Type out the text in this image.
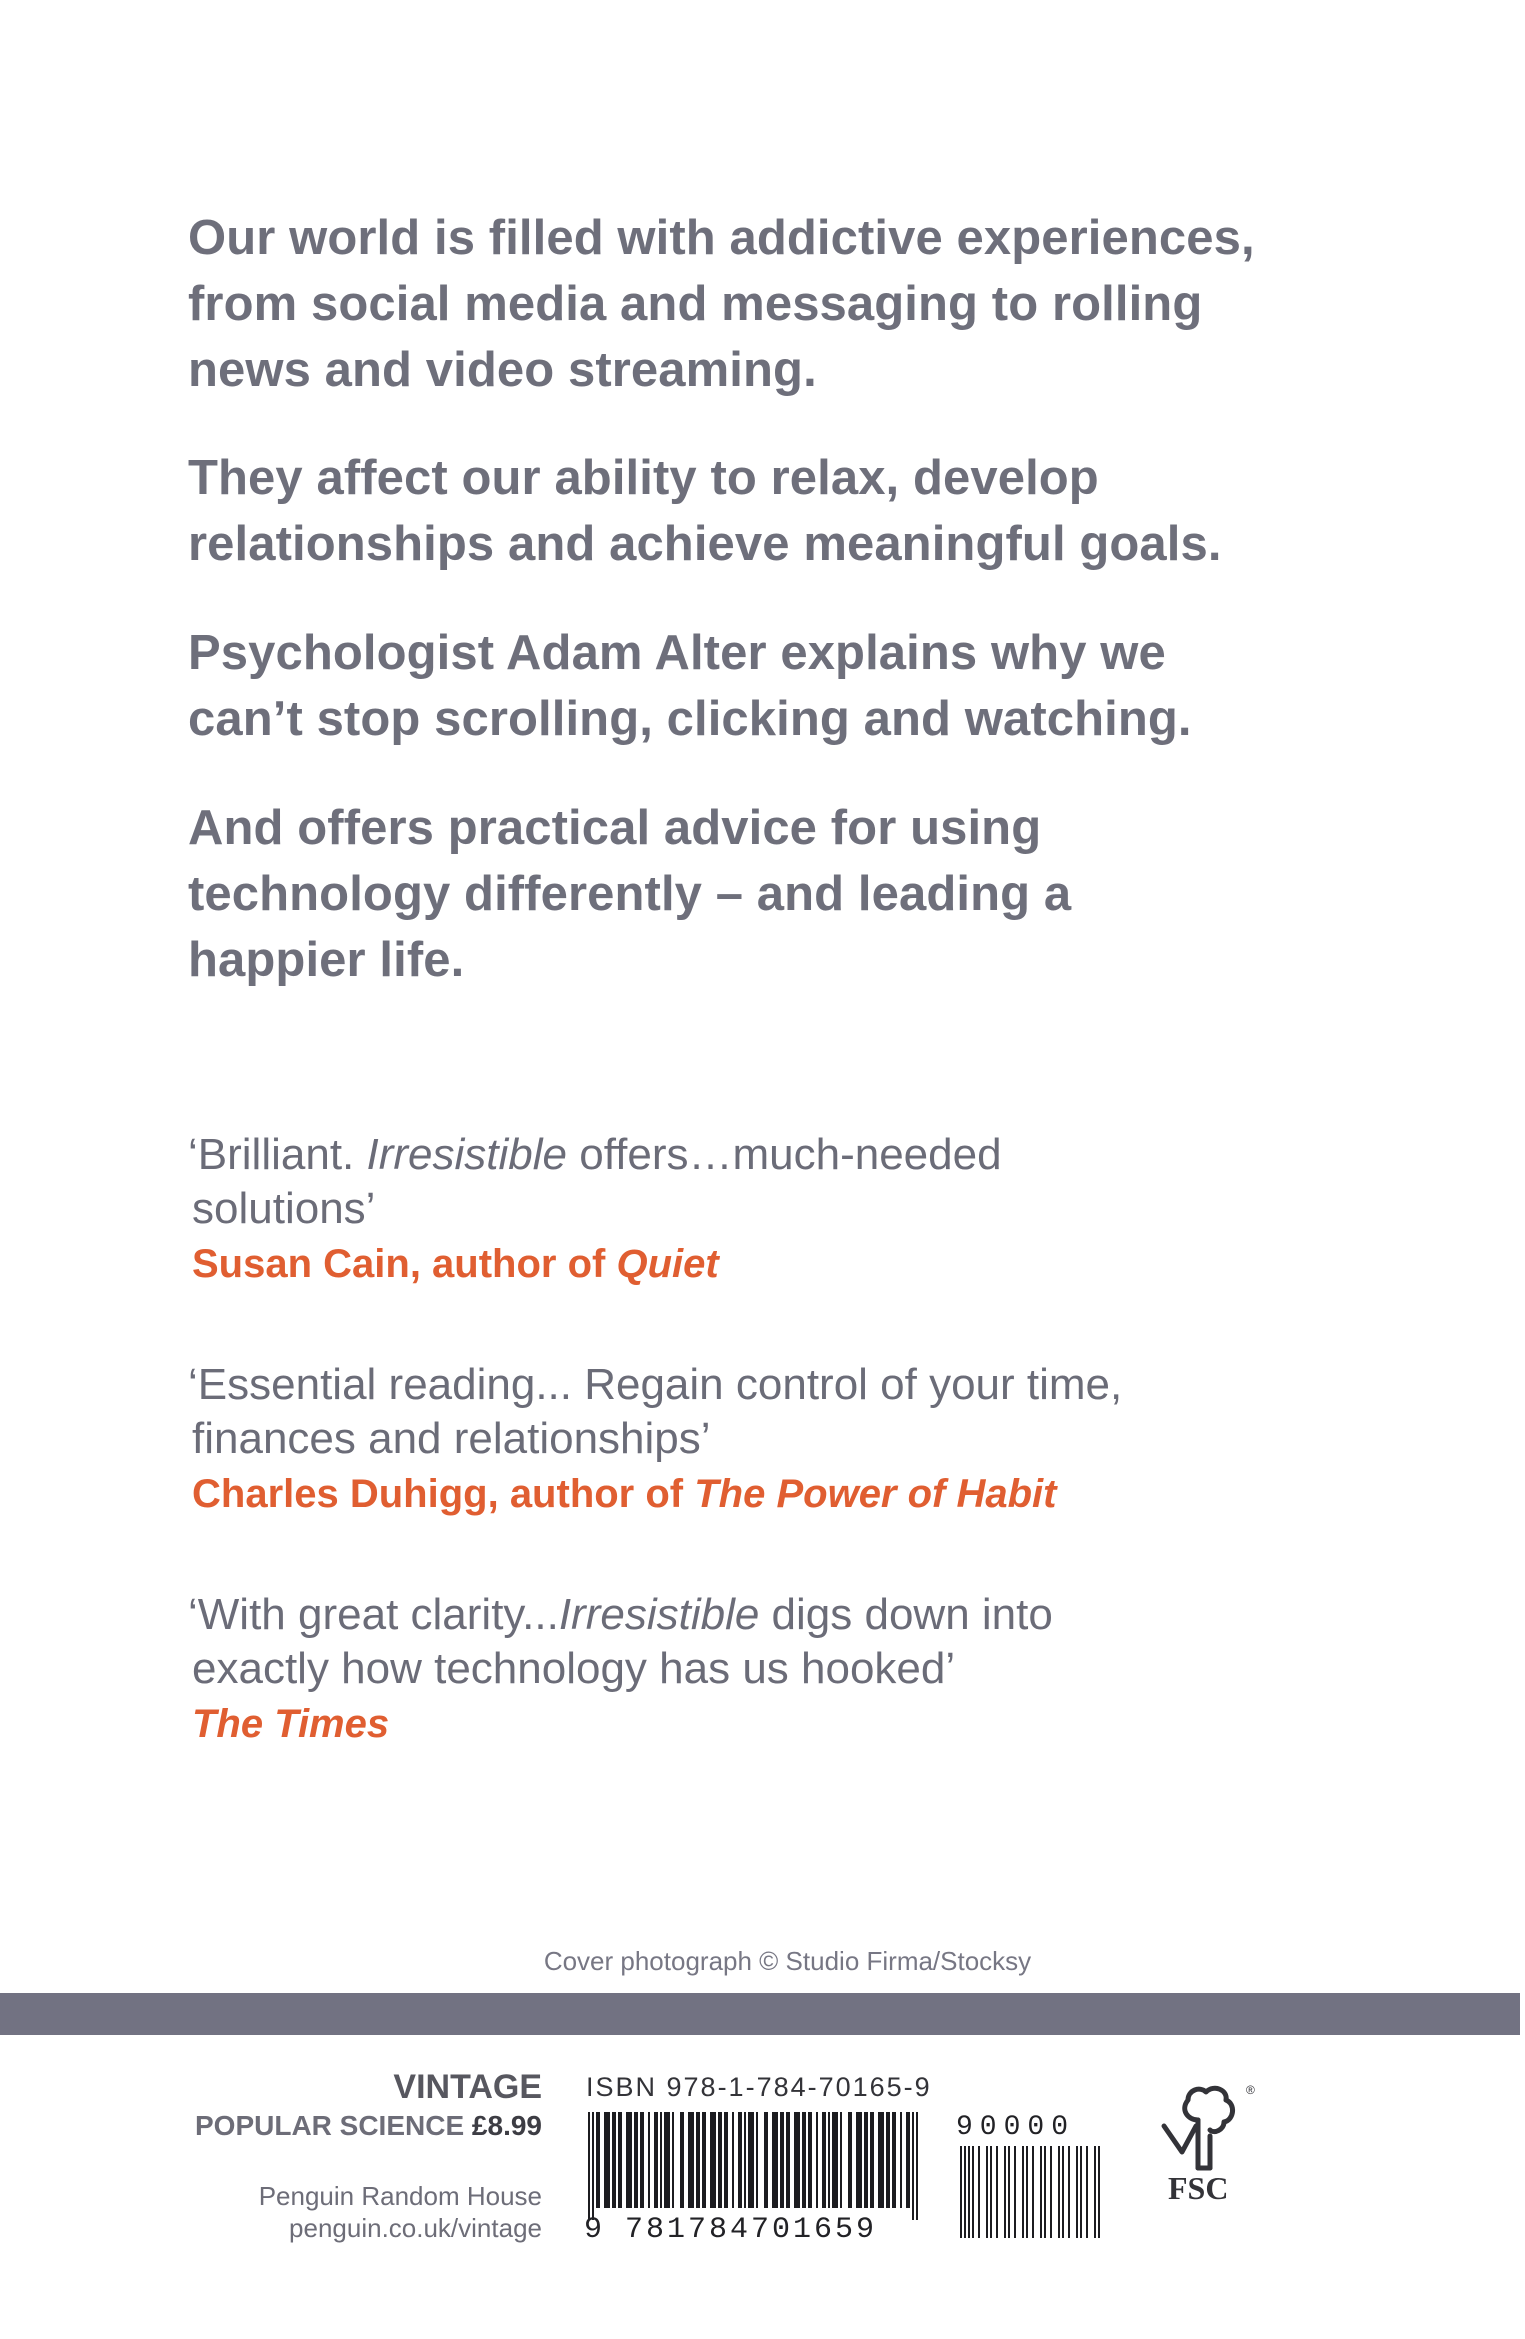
Our world is filled with addictive experiences,
from social media and messaging to rolling
news and video streaming.

They affect our ability to relax, develop
relationships and achieve meaningful goals.

Psychologist Adam Alter explains why we
can’t stop scrolling, clicking and watching.

And offers practical advice for using
technology differently – and leading a
happier life.

‘Brilliant. Irresistible offers…much-needed
solutions’
Susan Cain, author of Quiet
‘Essential reading... Regain control of your time,
finances and relationships’
Charles Duhigg, author of The Power of Habit
‘With great clarity...Irresistible digs down into
exactly how technology has us hooked’
The Times
Cover photograph © Studio Firma/Stocksy
VINTAGE
POPULAR SCIENCE £8.99
Penguin Random House
penguin.co.uk/vintage
ISBN 978-1-784-70165-9
9 781784701659
90000
®
FSC
